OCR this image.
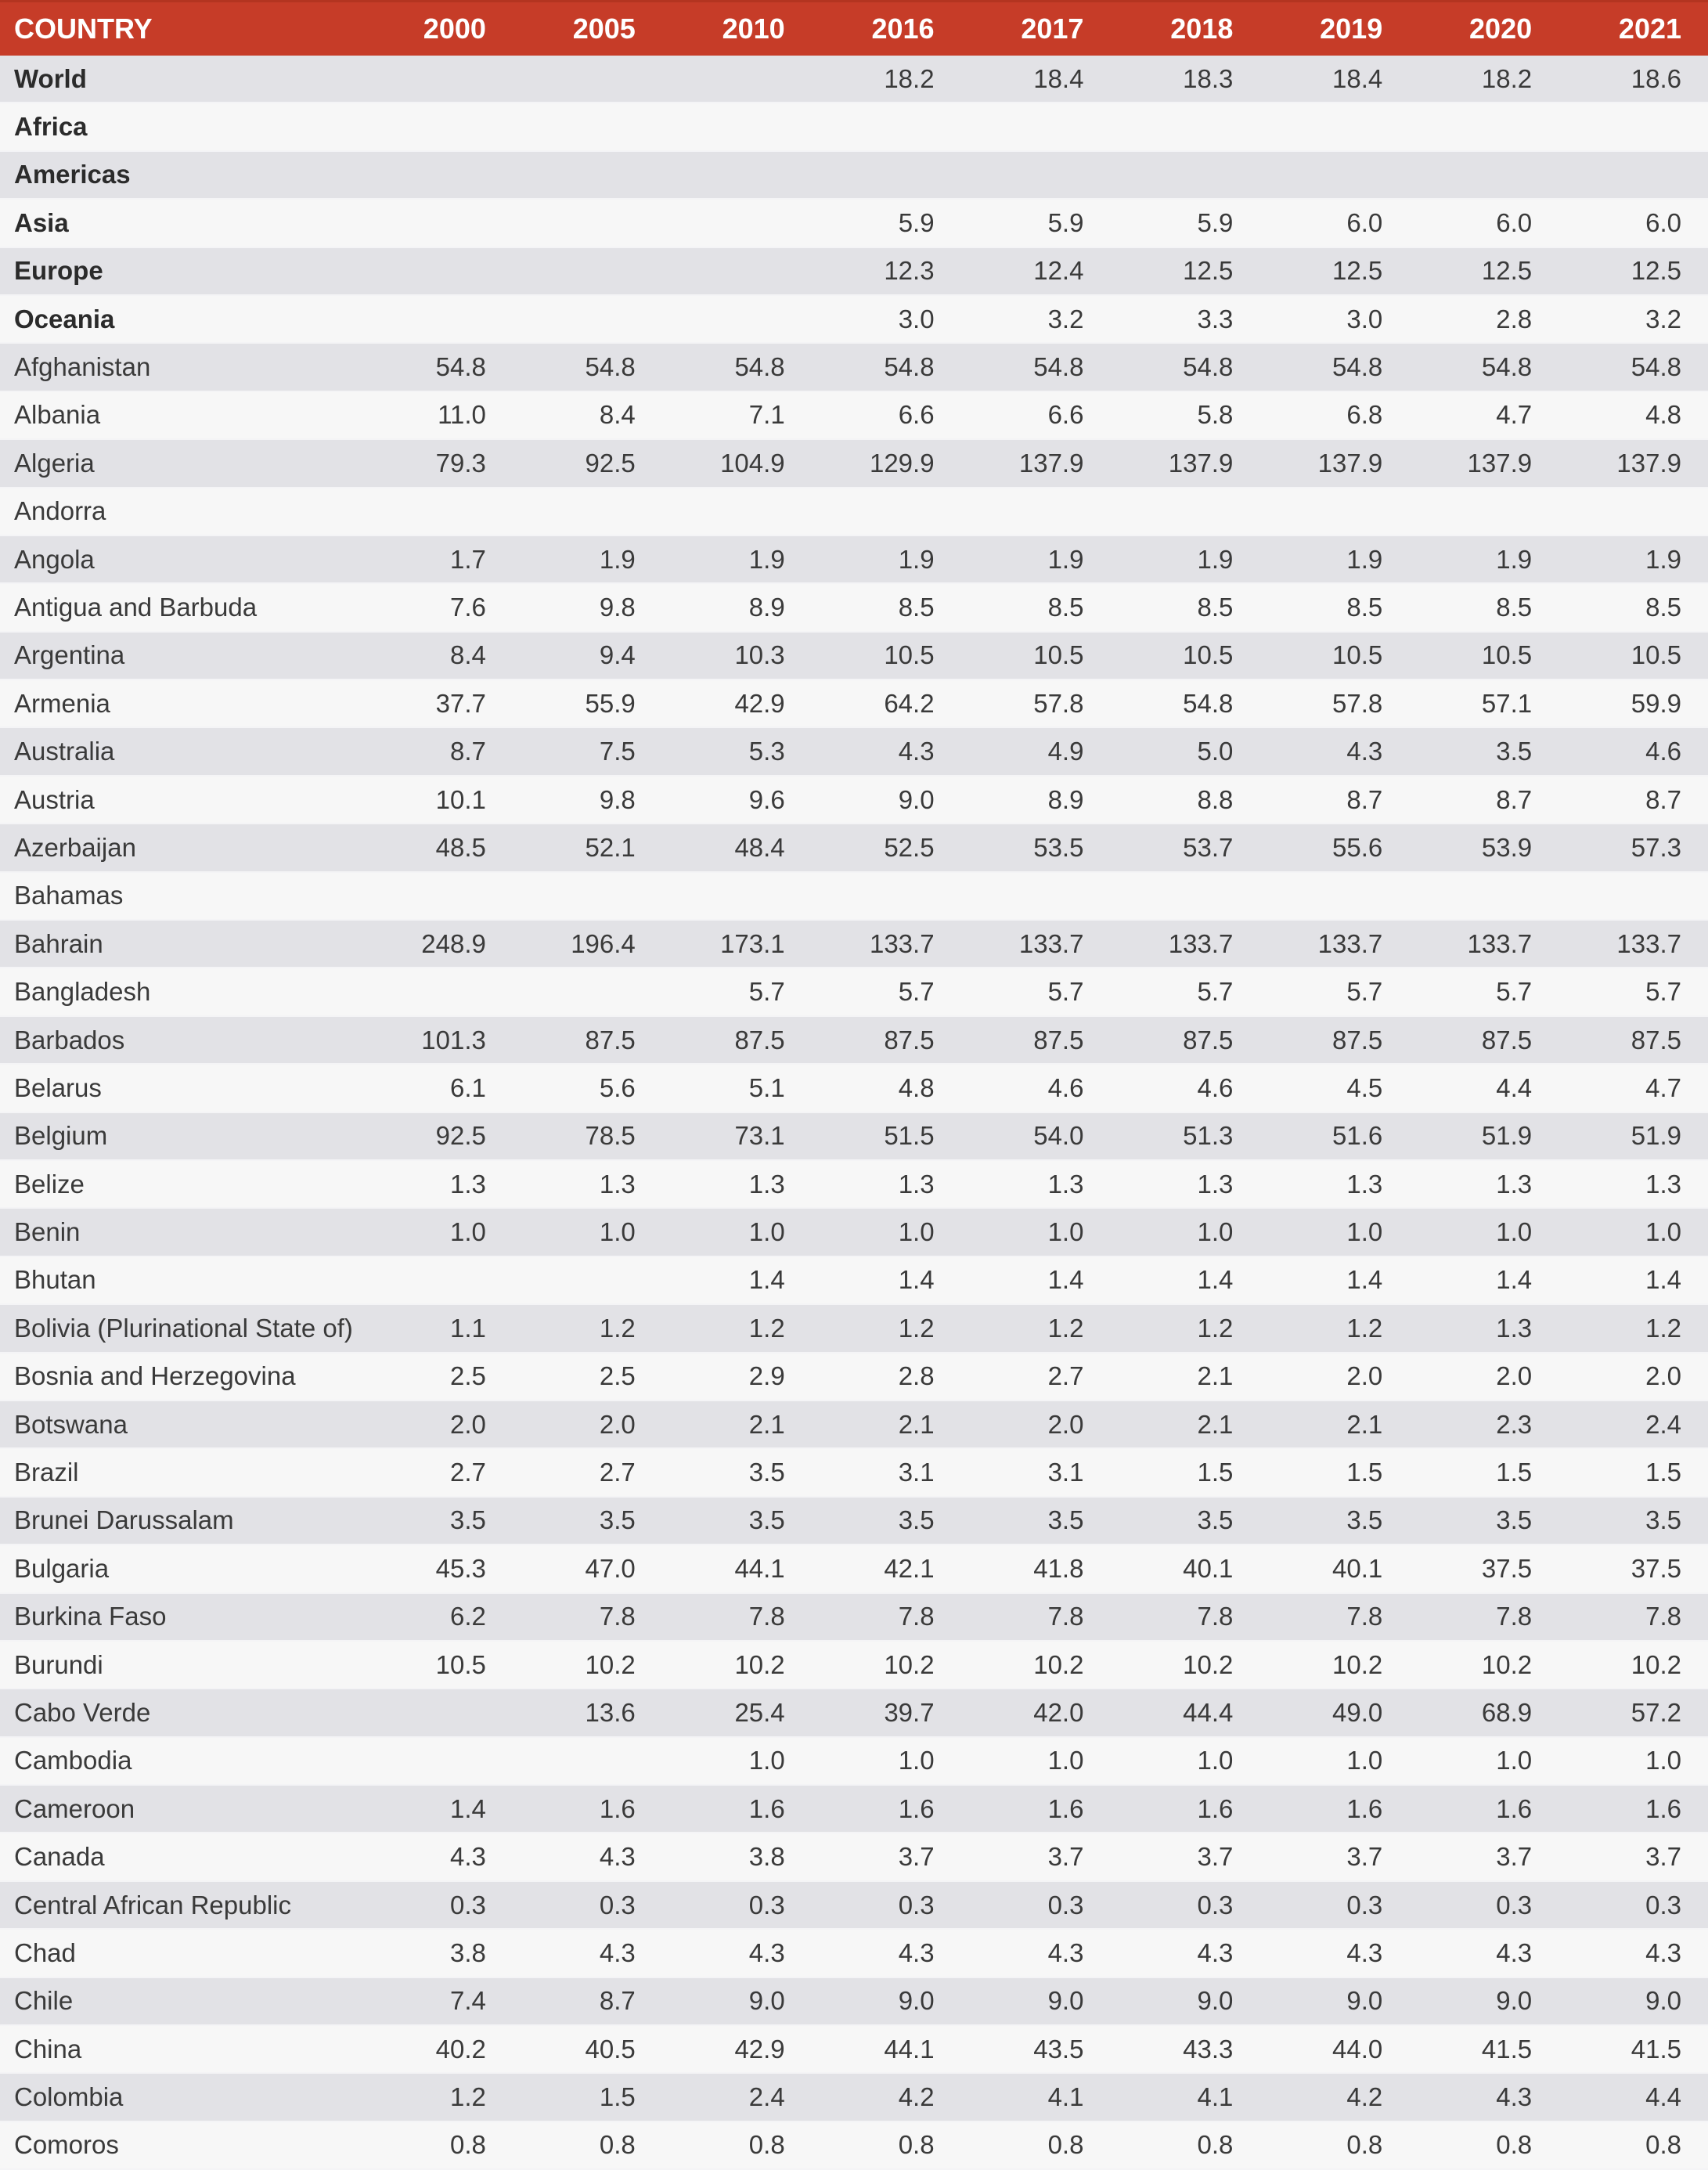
COUNTRY	2000	2005	2010	2016	2017	2018	2019	2020	2021
World				18.2	18.4	18.3	18.4	18.2	18.6
Africa									
Americas									
Asia				5.9	5.9	5.9	6.0	6.0	6.0
Europe				12.3	12.4	12.5	12.5	12.5	12.5
Oceania				3.0	3.2	3.3	3.0	2.8	3.2
Afghanistan	54.8	54.8	54.8	54.8	54.8	54.8	54.8	54.8	54.8
Albania	11.0	8.4	7.1	6.6	6.6	5.8	6.8	4.7	4.8
Algeria	79.3	92.5	104.9	129.9	137.9	137.9	137.9	137.9	137.9
Andorra									
Angola	1.7	1.9	1.9	1.9	1.9	1.9	1.9	1.9	1.9
Antigua and Barbuda	7.6	9.8	8.9	8.5	8.5	8.5	8.5	8.5	8.5
Argentina	8.4	9.4	10.3	10.5	10.5	10.5	10.5	10.5	10.5
Armenia	37.7	55.9	42.9	64.2	57.8	54.8	57.8	57.1	59.9
Australia	8.7	7.5	5.3	4.3	4.9	5.0	4.3	3.5	4.6
Austria	10.1	9.8	9.6	9.0	8.9	8.8	8.7	8.7	8.7
Azerbaijan	48.5	52.1	48.4	52.5	53.5	53.7	55.6	53.9	57.3
Bahamas									
Bahrain	248.9	196.4	173.1	133.7	133.7	133.7	133.7	133.7	133.7
Bangladesh			5.7	5.7	5.7	5.7	5.7	5.7	5.7
Barbados	101.3	87.5	87.5	87.5	87.5	87.5	87.5	87.5	87.5
Belarus	6.1	5.6	5.1	4.8	4.6	4.6	4.5	4.4	4.7
Belgium	92.5	78.5	73.1	51.5	54.0	51.3	51.6	51.9	51.9
Belize	1.3	1.3	1.3	1.3	1.3	1.3	1.3	1.3	1.3
Benin	1.0	1.0	1.0	1.0	1.0	1.0	1.0	1.0	1.0
Bhutan			1.4	1.4	1.4	1.4	1.4	1.4	1.4
Bolivia (Plurinational State of)	1.1	1.2	1.2	1.2	1.2	1.2	1.2	1.3	1.2
Bosnia and Herzegovina	2.5	2.5	2.9	2.8	2.7	2.1	2.0	2.0	2.0
Botswana	2.0	2.0	2.1	2.1	2.0	2.1	2.1	2.3	2.4
Brazil	2.7	2.7	3.5	3.1	3.1	1.5	1.5	1.5	1.5
Brunei Darussalam	3.5	3.5	3.5	3.5	3.5	3.5	3.5	3.5	3.5
Bulgaria	45.3	47.0	44.1	42.1	41.8	40.1	40.1	37.5	37.5
Burkina Faso	6.2	7.8	7.8	7.8	7.8	7.8	7.8	7.8	7.8
Burundi	10.5	10.2	10.2	10.2	10.2	10.2	10.2	10.2	10.2
Cabo Verde		13.6	25.4	39.7	42.0	44.4	49.0	68.9	57.2
Cambodia			1.0	1.0	1.0	1.0	1.0	1.0	1.0
Cameroon	1.4	1.6	1.6	1.6	1.6	1.6	1.6	1.6	1.6
Canada	4.3	4.3	3.8	3.7	3.7	3.7	3.7	3.7	3.7
Central African Republic	0.3	0.3	0.3	0.3	0.3	0.3	0.3	0.3	0.3
Chad	3.8	4.3	4.3	4.3	4.3	4.3	4.3	4.3	4.3
Chile	7.4	8.7	9.0	9.0	9.0	9.0	9.0	9.0	9.0
China	40.2	40.5	42.9	44.1	43.5	43.3	44.0	41.5	41.5
Colombia	1.2	1.5	2.4	4.2	4.1	4.1	4.2	4.3	4.4
Comoros	0.8	0.8	0.8	0.8	0.8	0.8	0.8	0.8	0.8
